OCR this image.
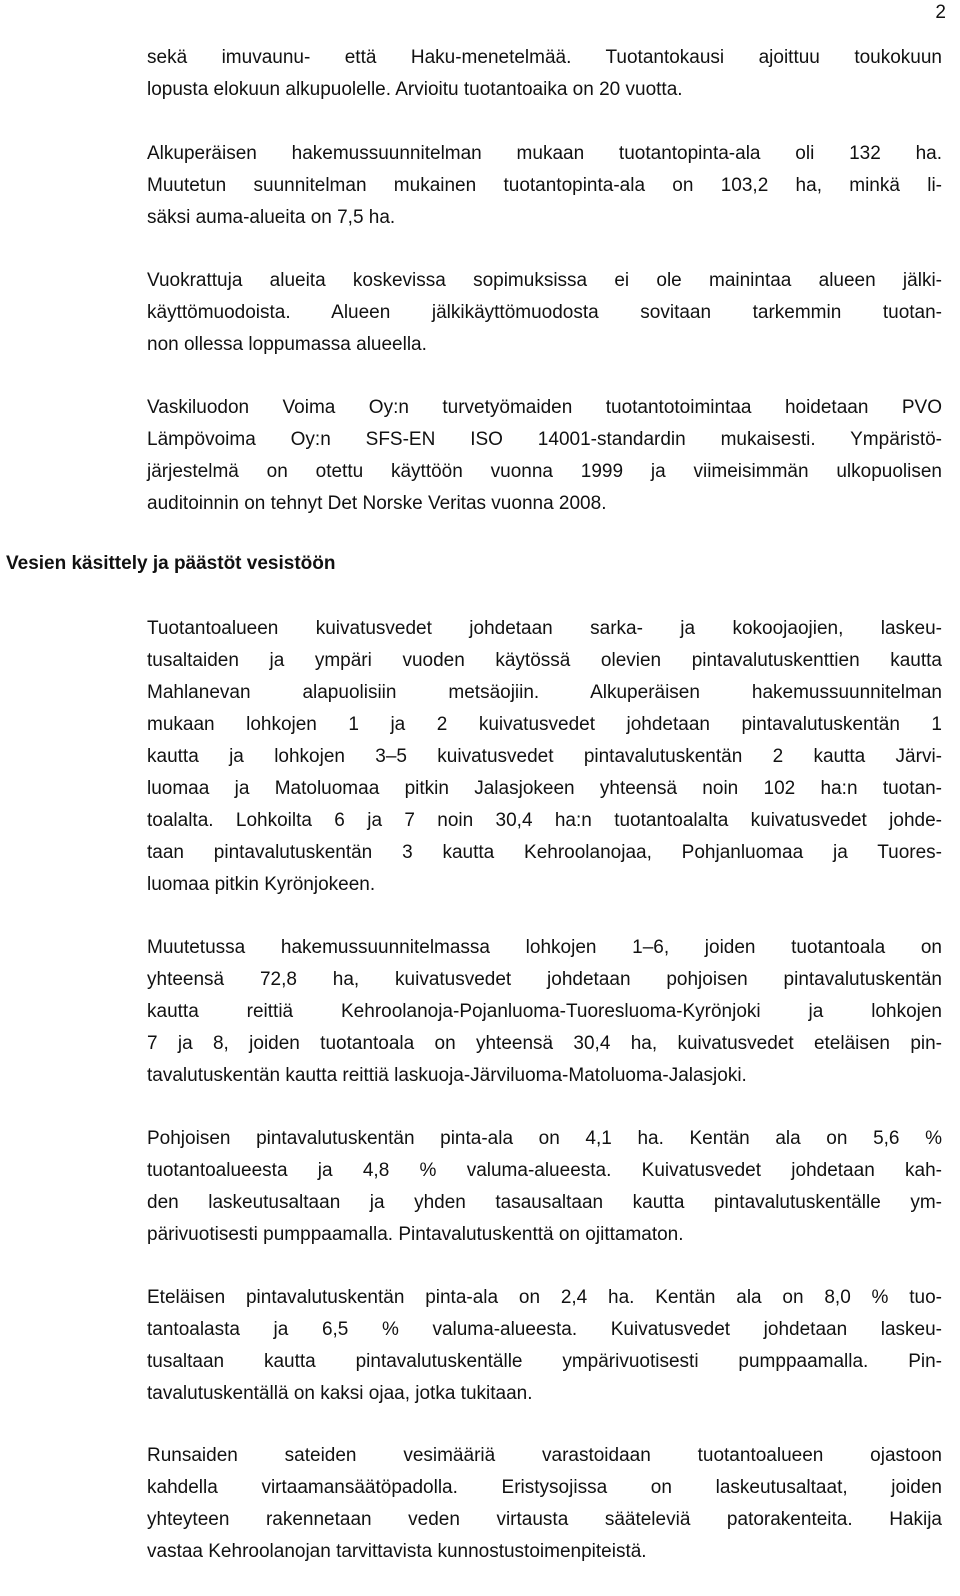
2
sekä imuvaunu- että Haku-menetelmää. Tuotantokausi ajoittuu toukokuun
lopusta elokuun alkupuolelle. Arvioitu tuotantoaika on 20 vuotta.
Alkuperäisen hakemussuunnitelman mukaan tuotantopinta-ala oli 132 ha.
Muutetun suunnitelman mukainen tuotantopinta-ala on 103,2 ha, minkä li-
säksi auma-alueita on 7,5 ha.
Vuokrattuja alueita koskevissa sopimuksissa ei ole mainintaa alueen jälki-
käyttömuodoista. Alueen jälkikäyttömuodosta sovitaan tarkemmin tuotan-
non ollessa loppumassa alueella.
Vaskiluodon Voima Oy:n turvetyömaiden tuotantotoimintaa hoidetaan PVO
Lämpövoima Oy:n SFS-EN ISO 14001-standardin mukaisesti. Ympäristö-
järjestelmä on otettu käyttöön vuonna 1999 ja viimeisimmän ulkopuolisen
auditoinnin on tehnyt Det Norske Veritas vuonna 2008.
Vesien käsittely ja päästöt vesistöön
Tuotantoalueen kuivatusvedet johdetaan sarka- ja kokoojaojien, laskeu-
tusaltaiden ja ympäri vuoden käytössä olevien pintavalutuskenttien kautta
Mahlanevan alapuolisiin metsäojiin. Alkuperäisen hakemussuunnitelman
mukaan lohkojen 1 ja 2 kuivatusvedet johdetaan pintavalutuskentän 1
kautta ja lohkojen 3–5 kuivatusvedet pintavalutuskentän 2 kautta Järvi-
luomaa ja Matoluomaa pitkin Jalasjokeen yhteensä noin 102 ha:n tuotan-
toalalta. Lohkoilta 6 ja 7 noin 30,4 ha:n tuotantoalalta kuivatusvedet johde-
taan pintavalutuskentän 3 kautta Kehroolanojaa, Pohjanluomaa ja Tuores-
luomaa pitkin Kyrönjokeen.
Muutetussa hakemussuunnitelmassa lohkojen 1–6, joiden tuotantoala on
yhteensä 72,8 ha, kuivatusvedet johdetaan pohjoisen pintavalutuskentän
kautta reittiä Kehroolanoja-Pojanluoma-Tuoresluoma-Kyrönjoki ja lohkojen
7 ja 8, joiden tuotantoala on yhteensä 30,4 ha, kuivatusvedet eteläisen pin-
tavalutuskentän kautta reittiä laskuoja-Järviluoma-Matoluoma-Jalasjoki.
Pohjoisen pintavalutuskentän pinta-ala on 4,1 ha. Kentän ala on 5,6 %
tuotantoalueesta ja 4,8 % valuma-alueesta. Kuivatusvedet johdetaan kah-
den laskeutusaltaan ja yhden tasausaltaan kautta pintavalutuskentälle ym-
pärivuotisesti pumppaamalla. Pintavalutuskenttä on ojittamaton.
Eteläisen pintavalutuskentän pinta-ala on 2,4 ha. Kentän ala on 8,0 % tuo-
tantoalasta ja 6,5 % valuma-alueesta. Kuivatusvedet johdetaan laskeu-
tusaltaan kautta pintavalutuskentälle ympärivuotisesti pumppaamalla. Pin-
tavalutuskentällä on kaksi ojaa, jotka tukitaan.
Runsaiden sateiden vesimääriä varastoidaan tuotantoalueen ojastoon
kahdella virtaamansäätöpadolla. Eristysojissa on laskeutusaltaat, joiden
yhteyteen rakennetaan veden virtausta sääteleviä patorakenteita. Hakija
vastaa Kehroolanojan tarvittavista kunnostustoimenpiteistä.
